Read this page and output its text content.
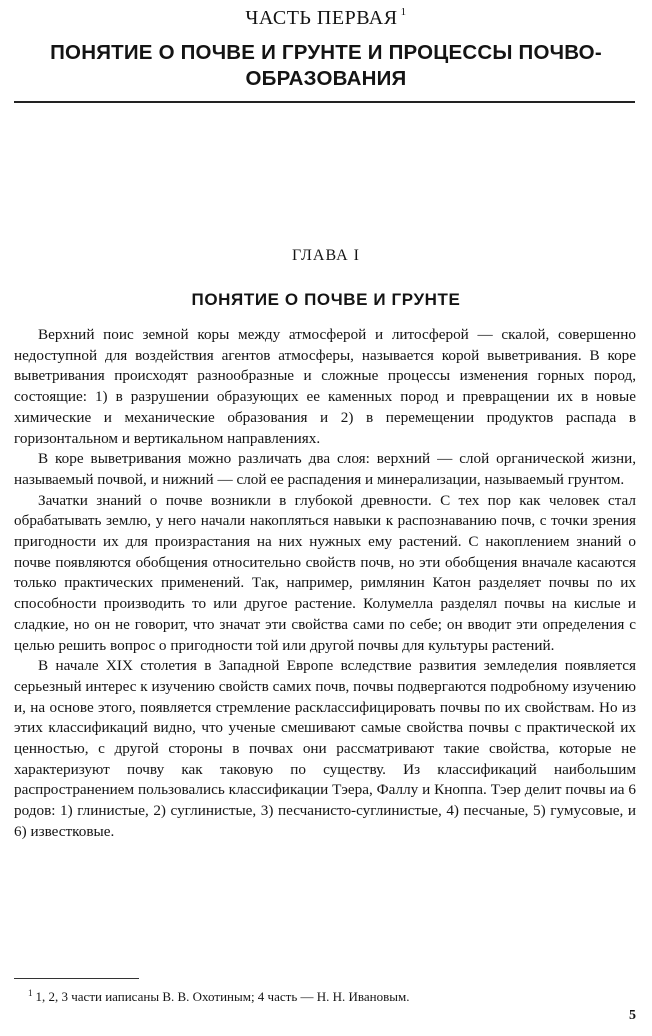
ЧАСТЬ ПЕРВАЯ $^1$
ПОНЯТИЕ О ПОЧВЕ И ГРУНТЕ И ПРОЦЕССЫ ПОЧВО-
ОБРАЗОВАНИЯ
ГЛАВА I
ПОНЯТИЕ О ПОЧВЕ И ГРУНТЕ

Верхний поис земной коры между атмосферой и литосферой — скалой, совершенно недоступной для воздействия агентов атмосферы, называется корой выветривания. В коре выветривания происходят разнообразные и сложные процессы изменения горных пород, состоящие: 1) в разрушении образующих ее каменных пород и превращении их в новые химические и механические образования и 2) в перемещении продуктов распада в горизонтальном и вертикальном направлениях.

В коре выветривания можно различать два слоя: верхний — слой органической жизни, называемый почвой, и нижний — слой ее распадения и минерализации, называемый грунтом.

Зачатки знаний о почве возникли в глубокой древности. С тех пор как человек стал обрабатывать землю, у него начали накопляться навыки к распознаванию почв, с точки зрения пригодности их для произрастания на них нужных ему растений. С накоплением знаний о почве появляются обобщения относительно свойств почв, но эти обобщения вначале касаются только практических применений. Так, например, римлянин Катон разделяет почвы по их способности производить то или другое растение. Колумелла разделял почвы на кислые и сладкие, но он не говорит, что значат эти свойства сами по себе; он вводит эти определения с целью решить вопрос о пригодности той или другой почвы для культуры растений.

В начале XIX столетия в Западной Европе вследствие развития земледелия появляется серьезный интерес к изучению свойств самих почв, почвы подвергаются подробному изучению и, на основе этого, появляется стремление расклассифицировать почвы по их свойствам. Но из этих классификаций видно, что ученые смешивают самые свойства почвы с практической их ценностью, с другой стороны в почвах они рассматривают такие свойства, которые не характеризуют почву как таковую по существу. Из классификаций наибольшим распространением пользовались классификации Тэера, Фаллу и Кноппа. Тэер делит почвы иа 6 родов: 1) глинистые, 2) суглинистые, 3) песчанисто-суглинистые, 4) песчаные, 5) гумусовые, и 6) известковые.

$^1$ 1, 2, 3 части иаписаны В. В. Охотиным; 4 часть — Н. Н. Ивановым.
5
